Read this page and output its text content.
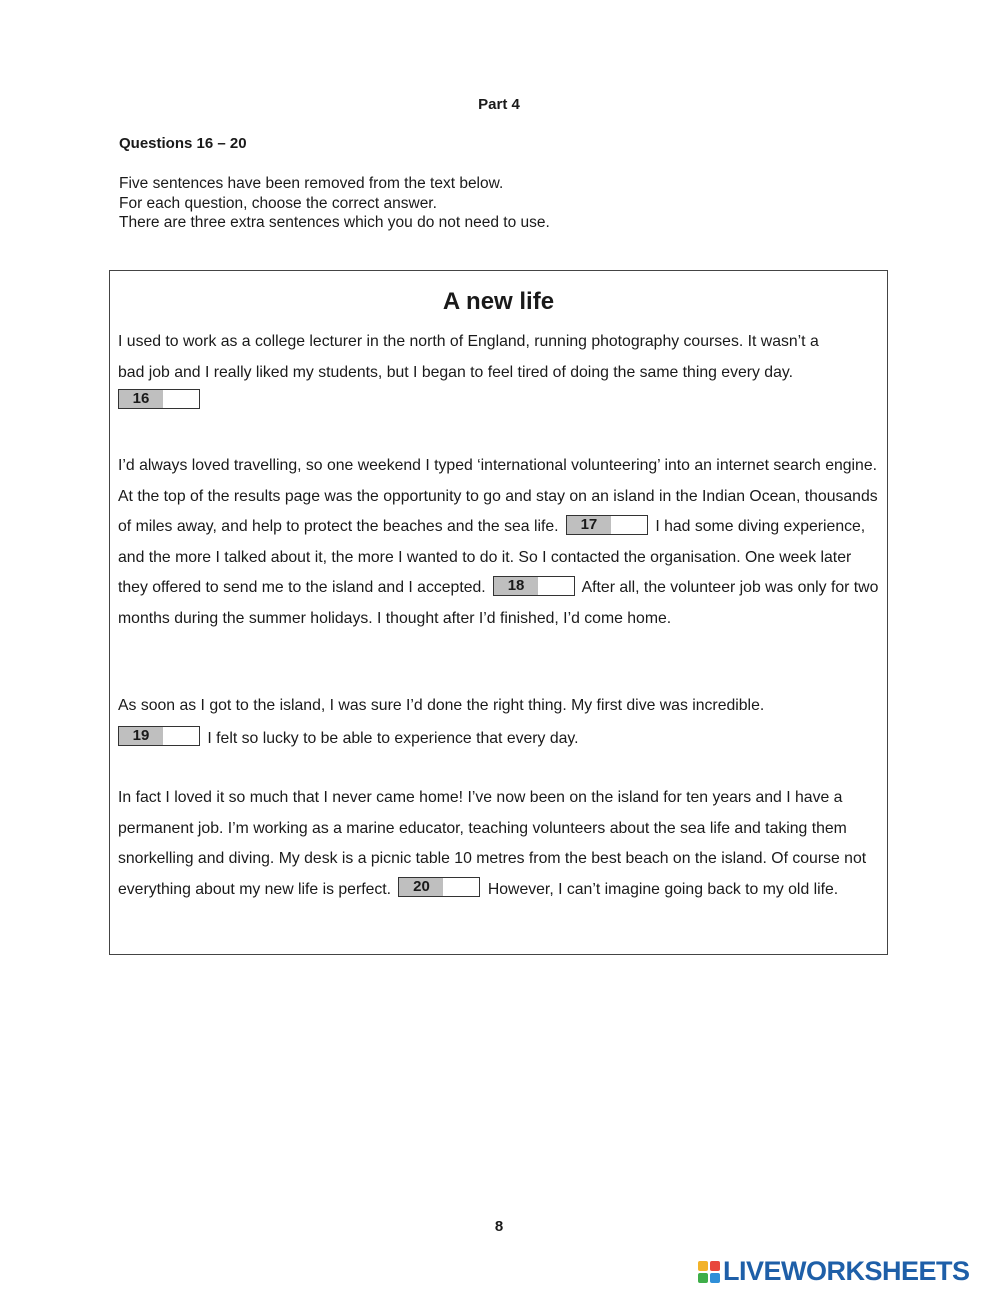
Part 4
Questions 16 – 20
Five sentences have been removed from the text below.
For each question, choose the correct answer.
There are three extra sentences which you do not need to use.
A new life
I used to work as a college lecturer in the north of England, running photography courses. It wasn’t a
bad job and I really liked my students, but I began to feel tired of doing the same thing every day.
16
I’d always loved travelling, so one weekend I typed ‘international volunteering’ into an internet search engine. At the top of the results page was the opportunity to go and stay on an island in the Indian Ocean, thousands of miles away, and help to protect the beaches and the sea life.	17	I had some diving experience, and the more I talked about it, the more I wanted to do it. So I contacted the organisation. One week later they offered to send me to the island and I accepted.	18	After all, the volunteer job was only for two months during the summer holidays. I thought after I’d finished, I’d come home.
As soon as I got to the island, I was sure I’d done the right thing. My first dive was incredible.
19	I felt so lucky to be able to experience that every day.
In fact I loved it so much that I never came home! I’ve now been on the island for ten years and I have a permanent job. I’m working as a marine educator, teaching volunteers about the sea life and taking them snorkelling and diving. My desk is a picnic table 10 metres from the best beach on the island. Of course not everything about my new life is perfect.	20	However, I can’t imagine going back to my old life.
8
LIVEWORKSHEETS
